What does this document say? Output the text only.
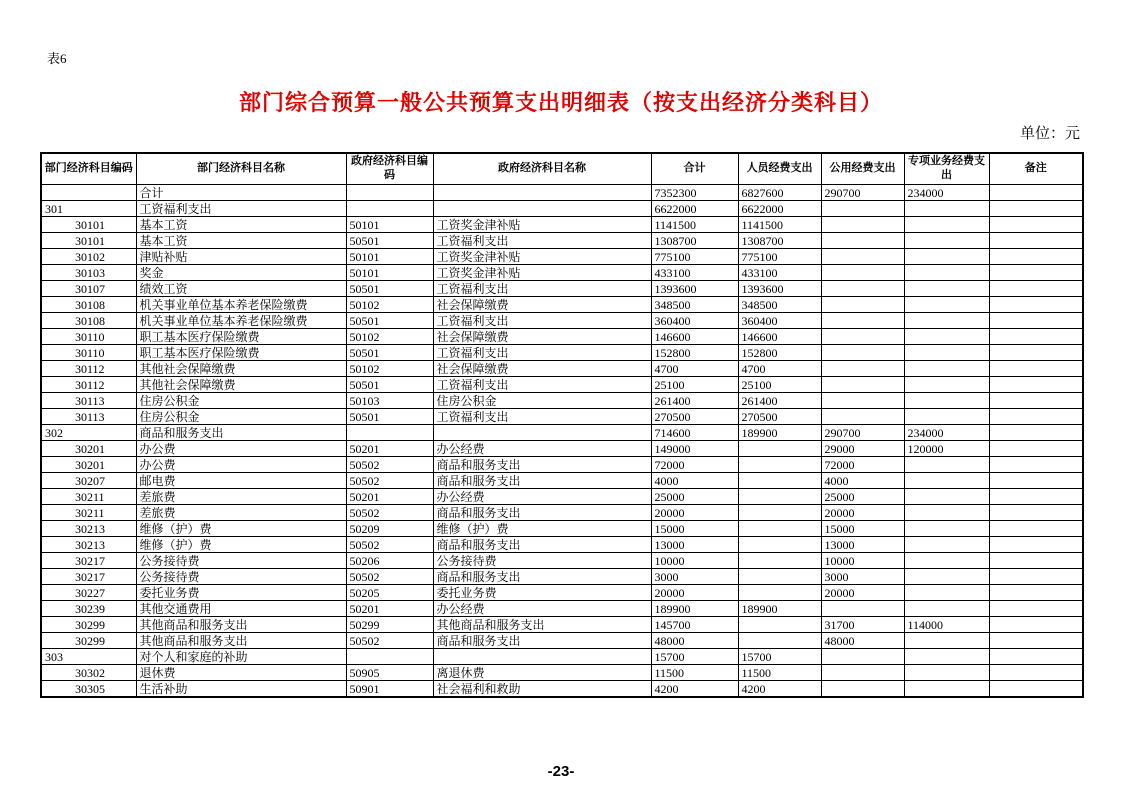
表6
部门综合预算一般公共预算支出明细表（按支出经济分类科目）
单位：元
部门经济科目编码	部门经济科目名称	政府经济科目编码	政府经济科目名称	合计	人员经费支出	公用经费支出	专项业务经费支出	备注
	合计			7352300	6827600	290700	234000	
301	工资福利支出			6622000	6622000			
30101	基本工资	50101	工资奖金津补贴	1141500	1141500			
30101	基本工资	50501	工资福利支出	1308700	1308700			
30102	津贴补贴	50101	工资奖金津补贴	775100	775100			
30103	奖金	50101	工资奖金津补贴	433100	433100			
30107	绩效工资	50501	工资福利支出	1393600	1393600			
30108	机关事业单位基本养老保险缴费	50102	社会保障缴费	348500	348500			
30108	机关事业单位基本养老保险缴费	50501	工资福利支出	360400	360400			
30110	职工基本医疗保险缴费	50102	社会保障缴费	146600	146600			
30110	职工基本医疗保险缴费	50501	工资福利支出	152800	152800			
30112	其他社会保障缴费	50102	社会保障缴费	4700	4700			
30112	其他社会保障缴费	50501	工资福利支出	25100	25100			
30113	住房公积金	50103	住房公积金	261400	261400			
30113	住房公积金	50501	工资福利支出	270500	270500			
302	商品和服务支出			714600	189900	290700	234000	
30201	办公费	50201	办公经费	149000		29000	120000	
30201	办公费	50502	商品和服务支出	72000		72000		
30207	邮电费	50502	商品和服务支出	4000		4000		
30211	差旅费	50201	办公经费	25000		25000		
30211	差旅费	50502	商品和服务支出	20000		20000		
30213	维修（护）费	50209	维修（护）费	15000		15000		
30213	维修（护）费	50502	商品和服务支出	13000		13000		
30217	公务接待费	50206	公务接待费	10000		10000		
30217	公务接待费	50502	商品和服务支出	3000		3000		
30227	委托业务费	50205	委托业务费	20000		20000		
30239	其他交通费用	50201	办公经费	189900	189900			
30299	其他商品和服务支出	50299	其他商品和服务支出	145700		31700	114000	
30299	其他商品和服务支出	50502	商品和服务支出	48000		48000		
303	对个人和家庭的补助			15700	15700			
30302	退休费	50905	离退休费	11500	11500			
30305	生活补助	50901	社会福利和救助	4200	4200			
-23-
